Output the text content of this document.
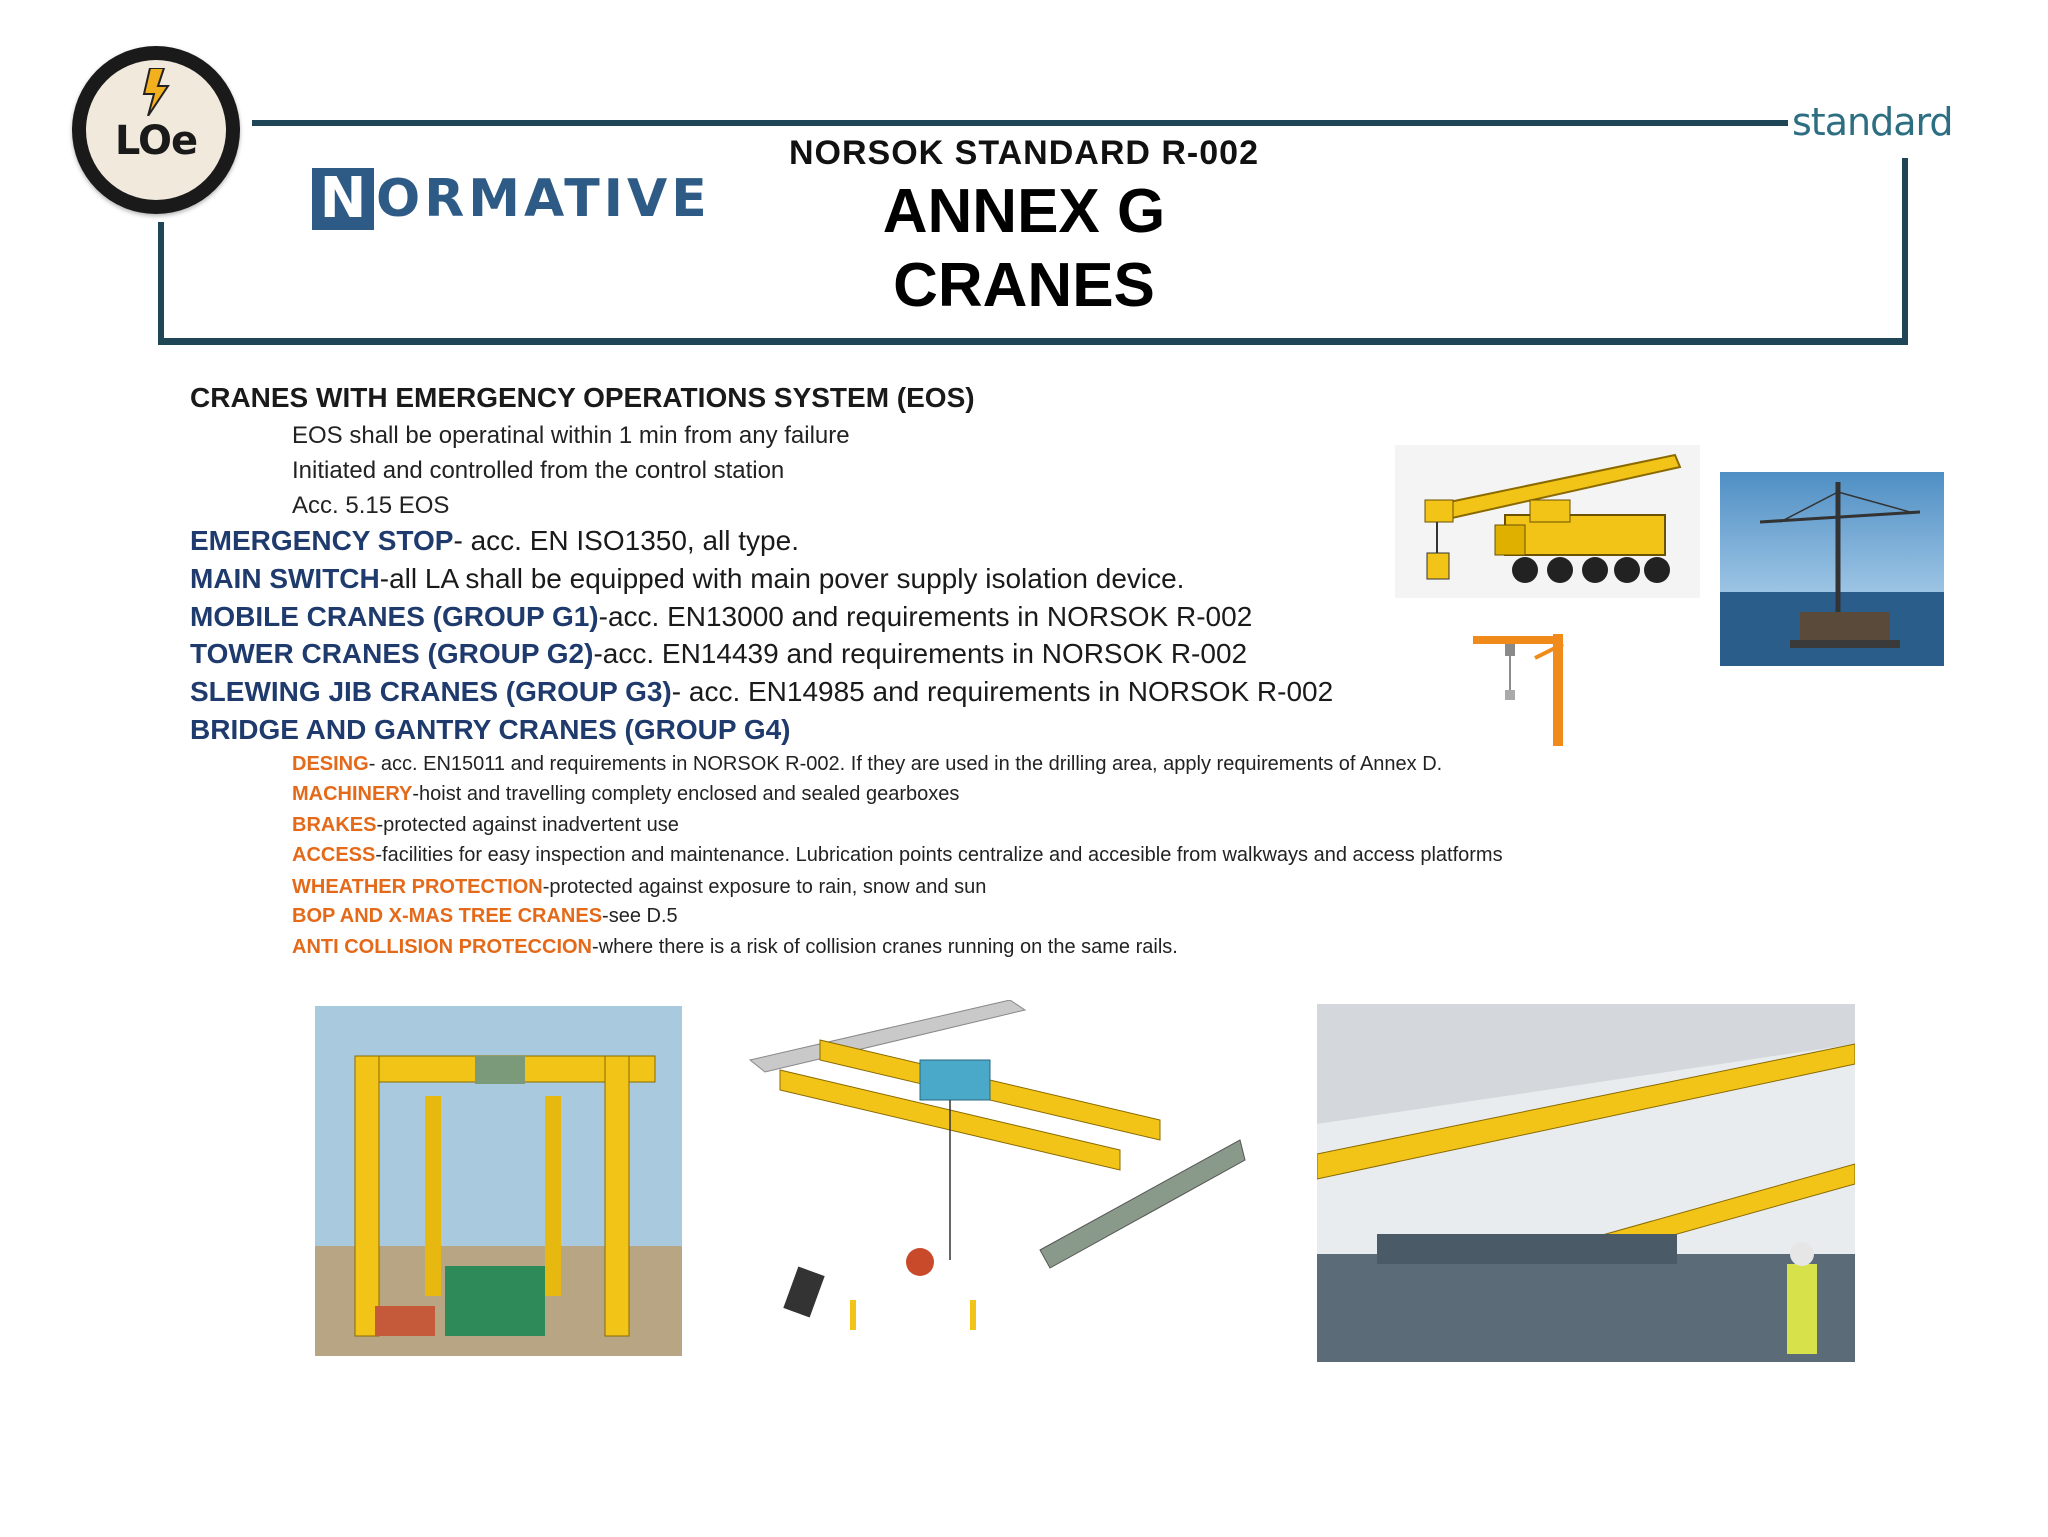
LOe	standard
N ORMATIVE
NORSOK STANDARD R-002
ANNEX G
CRANES
CRANES WITH EMERGENCY OPERATIONS SYSTEM (EOS)
EOS shall be operatinal within 1 min from any failure
Initiated and controlled from the control station
Acc. 5.15 EOS
EMERGENCY STOP- acc. EN ISO1350, all type.
MAIN SWITCH-all LA shall be equipped with main pover supply isolation device.
MOBILE CRANES (GROUP G1)-acc. EN13000 and requirements in NORSOK R-002
TOWER CRANES (GROUP G2)-acc. EN14439 and requirements in NORSOK R-002
SLEWING JIB CRANES (GROUP G3)- acc. EN14985 and requirements in NORSOK R-002
BRIDGE AND GANTRY CRANES (GROUP G4)
DESING- acc. EN15011 and requirements in NORSOK R-002. If they are used in the drilling area, apply requirements of Annex D.
MACHINERY-hoist and travelling complety enclosed and sealed gearboxes
BRAKES-protected against inadvertent use
ACCESS-facilities for easy inspection and maintenance. Lubrication points centralize and accesible from walkways and access platforms
WHEATHER PROTECTION-protected against exposure to rain, snow and sun
BOP AND X-MAS TREE CRANES-see D.5
ANTI COLLISION PROTECCION-where there is a risk of collision cranes running on the same rails.
